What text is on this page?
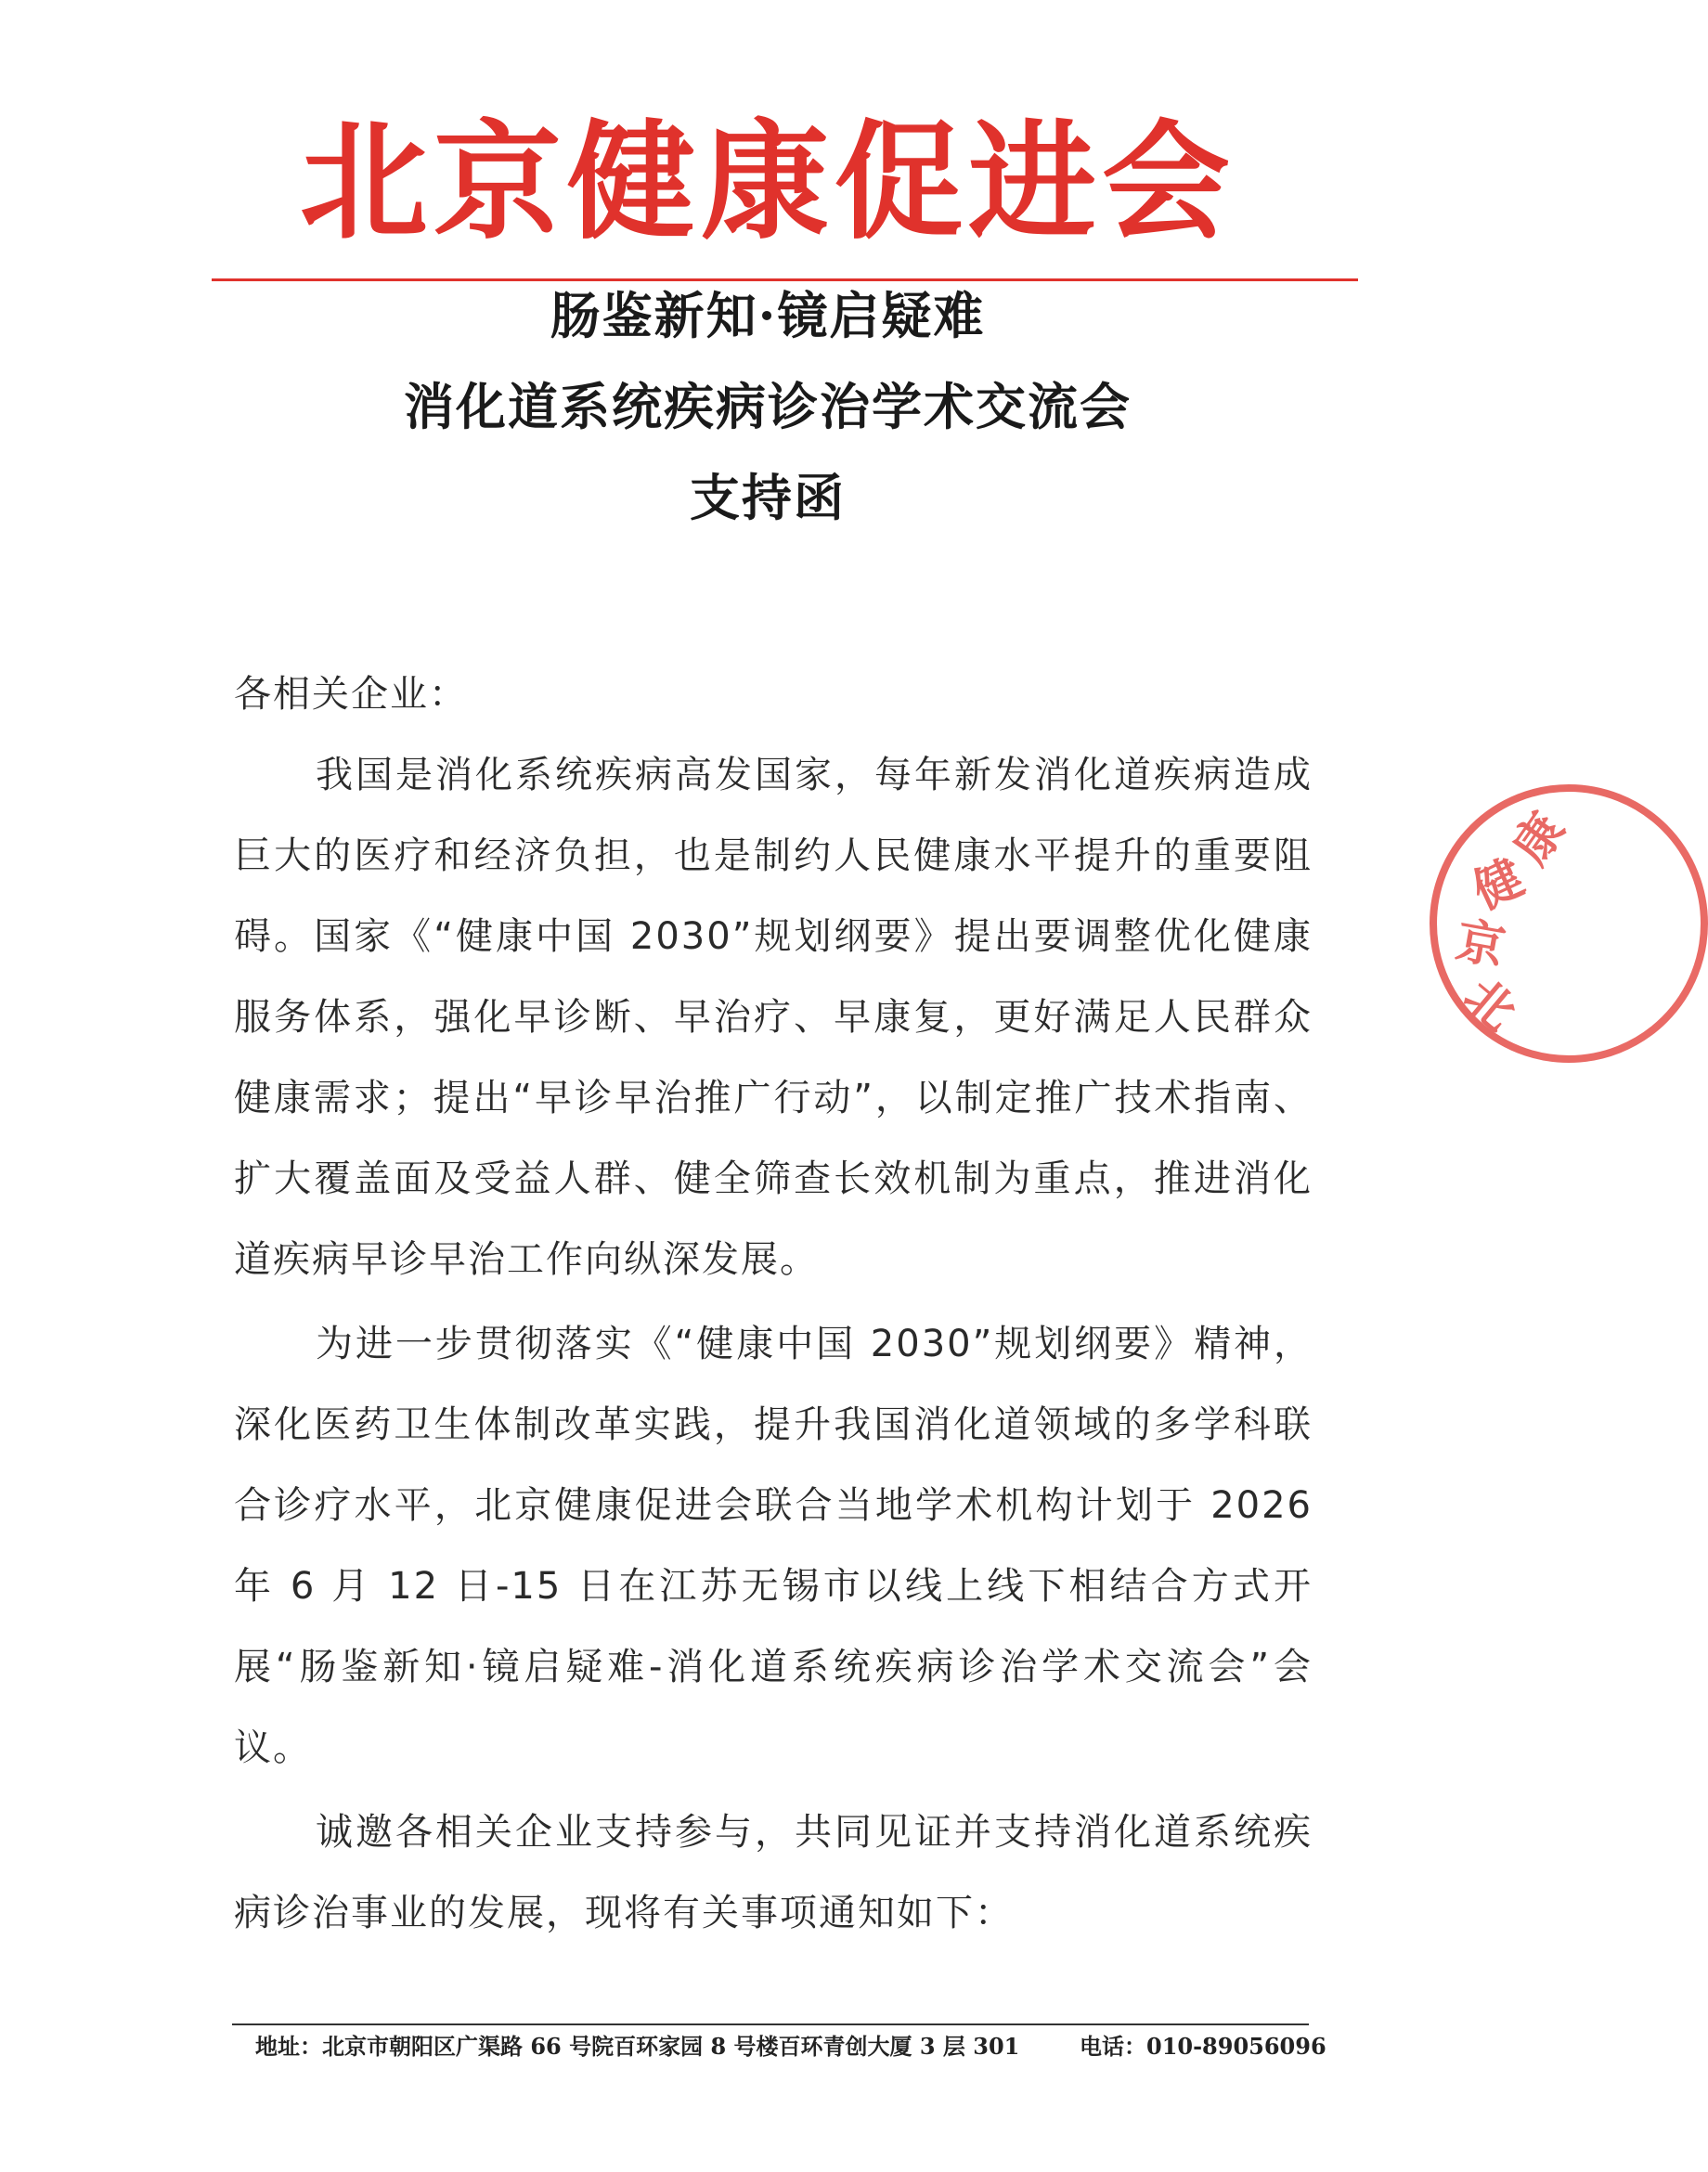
北京健康促进会
肠鉴新知·镜启疑难
消化道系统疾病诊治学术交流会
支持函

各相关企业：

我国是消化系统疾病高发国家，每年新发消化道疾病造成巨大的医疗和经济负担，也是制约人民健康水平提升的重要阻碍。国家《“健康中国 2030”规划纲要》提出要调整优化健康服务体系，强化早诊断、早治疗、早康复，更好满足人民群众健康需求；提出“早诊早治推广行动”，以制定推广技术指南、扩大覆盖面及受益人群、健全筛查长效机制为重点，推进消化道疾病早诊早治工作向纵深发展。

为进一步贯彻落实《“健康中国 2030”规划纲要》精神，深化医药卫生体制改革实践，提升我国消化道领域的多学科联合诊疗水平，北京健康促进会联合当地学术机构计划于 2026 年 6 月 12 日-15 日在江苏无锡市以线上线下相结合方式开展“肠鉴新知·镜启疑难-消化道系统疾病诊治学术交流会”会议。

诚邀各相关企业支持参与，共同见证并支持消化道系统疾病诊治事业的发展，现将有关事项通知如下：

地址：北京市朝阳区广渠路 66 号院百环家园 8 号楼百环青创大厦 3 层 301	电话：010-89056096
康
健
京
北
